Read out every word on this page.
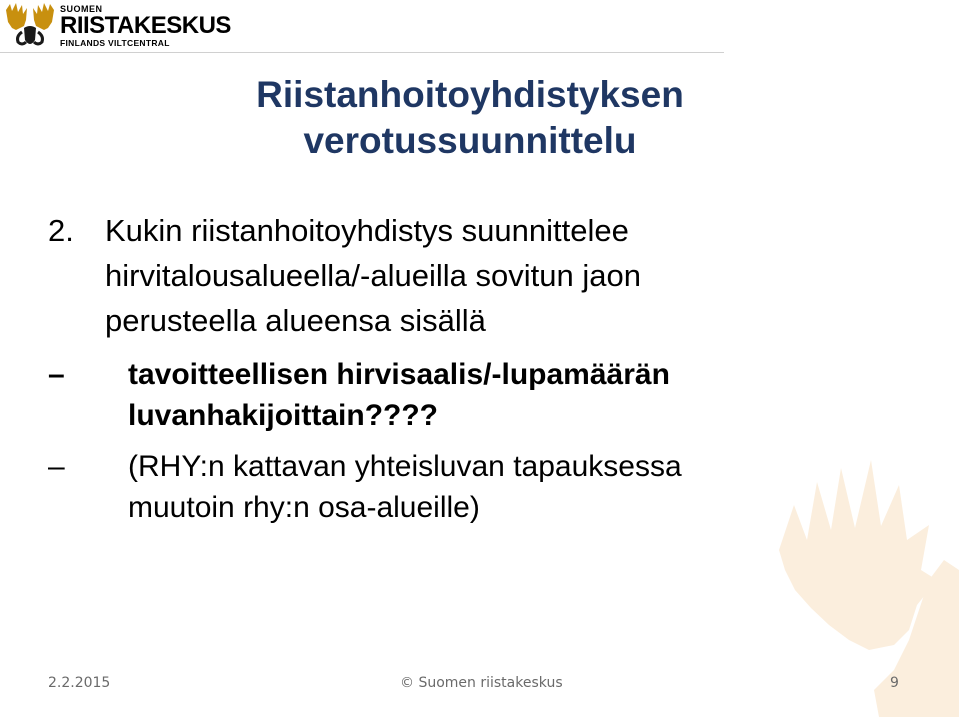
SUOMEN
RIISTAKESKUS
FINLANDS VILTCENTRAL
Riistanhoitoyhdistyksen
verotussuunnittelu
2. Kukin riistanhoitoyhdistys suunnittelee
hirvitalousalueella/-alueilla sovitun jaon
perusteella alueensa sisällä
–	tavoitteellisen hirvisaalis/-lupamäärän
luvanhakijoittain????
–	(RHY:n kattavan yhteisluvan tapauksessa
muutoin rhy:n osa-alueille)
2.2.2015	© Suomen riistakeskus	9
